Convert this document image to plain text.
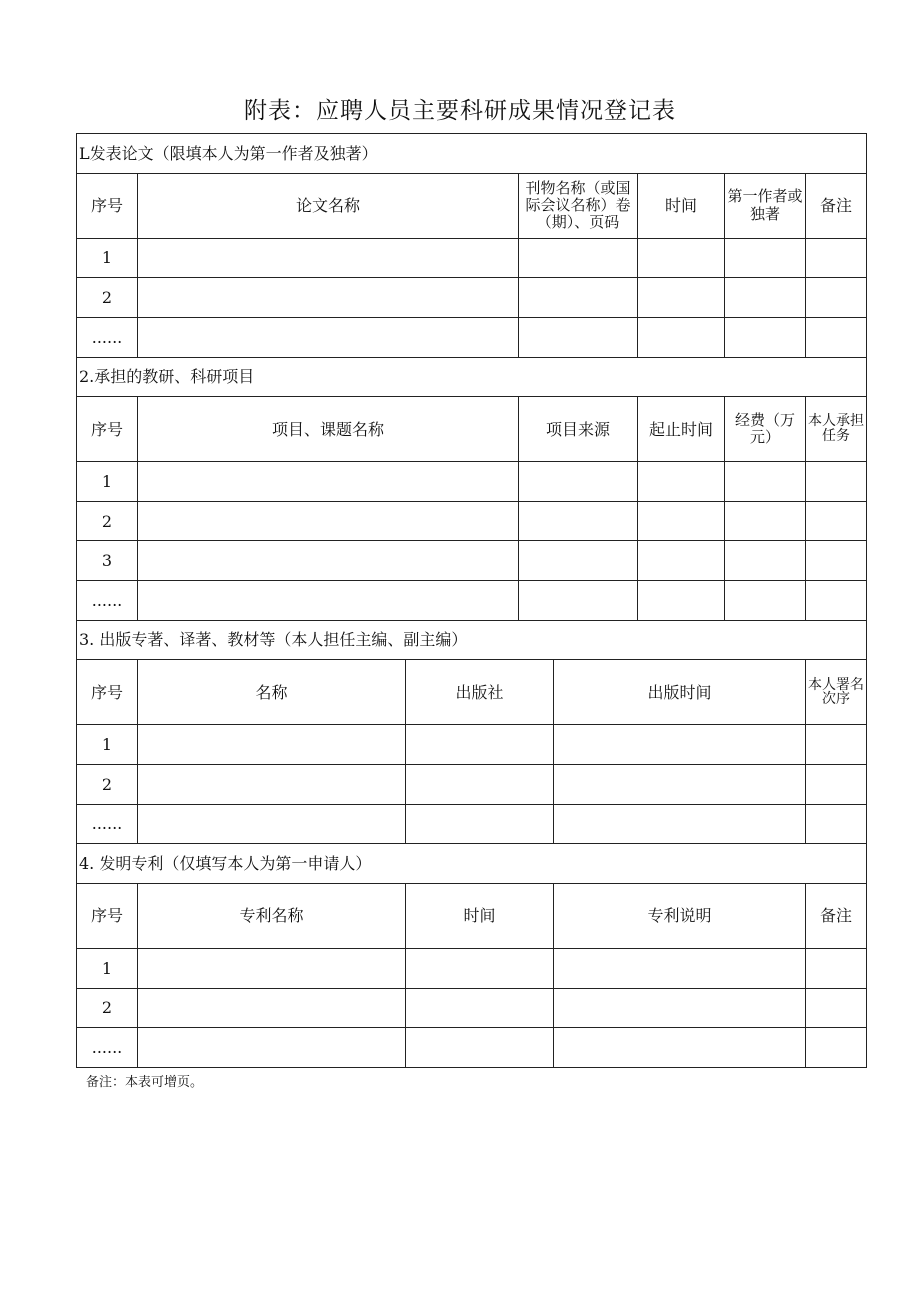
附表：应聘人员主要科研成果情况登记表
L发表论文（限填本人为第一作者及独著）							
序号	论文名称		刊物名称（或国际会议名称）卷（期）、页码		时间	第一作者或独著	备注
1							
2							
......							
2.承担的教研、科研项目							
序号	项目、课题名称		项目来源		起止时间	经费（万元）	本人承担任务
1							
2							
3							
......							
3. 出版专著、译著、教材等（本人担任主编、副主编）							
序号	名称	出版社		出版时间			本人署名次序
1							
2							
......							
4. 发明专利（仅填写本人为第一申请人）							
序号	专利名称	时间		专利说明			备注
1							
2							
......							
备注：本表可增页。
